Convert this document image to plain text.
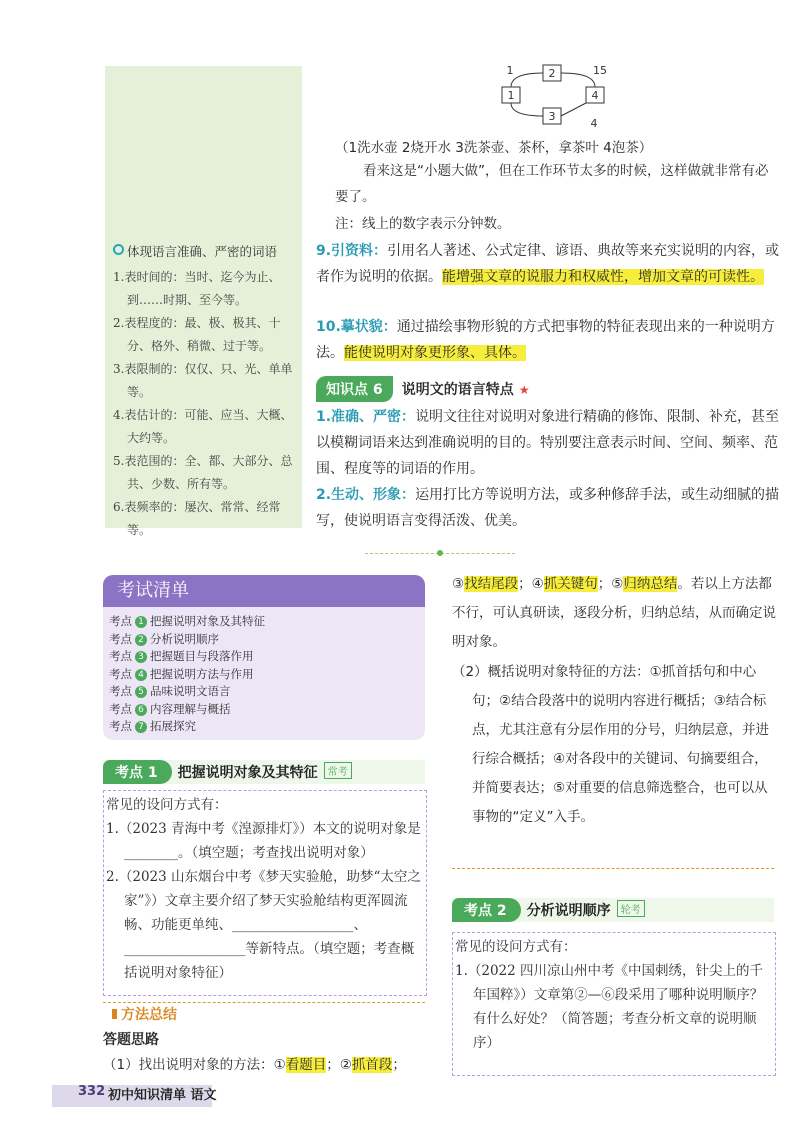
体现语言准确、严密的词语
1.表时间的：当时、迄今为止、到……时期、至今等。
2.表程度的：最、极、极其、十分、格外、稍微、过于等。
3.表限制的：仅仅、只、光、单单等。
4.表估计的：可能、应当、大概、大约等。
5.表范围的：全、都、大部分、总共、少数、所有等。
6.表频率的：屡次、常常、经常等。
2
1	4
3
1	15
4
（1洗水壶 2烧开水 3洗茶壶、茶杯，拿茶叶 4泡茶）
看来这是“小题大做”，但在工作环节太多的时候，这样做就非常有必要了。
注：线上的数字表示分钟数。
9.引资料：引用名人著述、公式定律、谚语、典故等来充实说明的内容，或者作为说明的依据。能增强文章的说服力和权威性，增加文章的可读性。
10.摹状貌：通过描绘事物形貌的方式把事物的特征表现出来的一种说明方法。能使说明对象更形象、具体。
知识点 6 说明文的语言特点 ★
1.准确、严密：说明文往往对说明对象进行精确的修饰、限制、补充，甚至以模糊词语来达到准确说明的目的。特别要注意表示时间、空间、频率、范围、程度等的词语的作用。
2.生动、形象：运用打比方等说明方法，或多种修辞手法，或生动细腻的描写，使说明语言变得活泼、优美。
考试清单
考点 1 把握说明对象及其特征
考点 2 分析说明顺序
考点 3 把握题目与段落作用
考点 4 把握说明方法与作用
考点 5 品味说明文语言
考点 6 内容理解与概括
考点 7 拓展探究
考点 1 把握说明对象及其特征 常考
常见的设问方式有：
1.（2023 青海中考《湟源排灯》）本文的说明对象是________。（填空题；考查找出说明对象）
2.（2023 山东烟台中考《梦天实验舱，助梦“太空之家”》）文章主要介绍了梦天实验舱结构更浑圆流畅、功能更单纯、__________________、__________________等新特点。（填空题；考查概括说明对象特征）
方法总结
答题思路
（1）找出说明对象的方法：①看题目；②抓首段；
③找结尾段；④抓关键句；⑤归纳总结。若以上方法都不行，可认真研读，逐段分析，归纳总结，从而确定说明对象。
（2）概括说明对象特征的方法：①抓首括句和中心句；②结合段落中的说明内容进行概括；③结合标点，尤其注意有分层作用的分号，归纳层意，并进行综合概括；④对各段中的关键词、句摘要组合，并简要表达；⑤对重要的信息筛选整合，也可以从事物的“定义”入手。
考点 2 分析说明顺序 轮考
常见的设问方式有：
1.（2022 四川凉山州中考《中国刺绣，针尖上的千年国粹》）文章第②—⑥段采用了哪种说明顺序？有什么好处？（简答题；考查分析文章的说明顺序）
332 初中知识清单 语文
